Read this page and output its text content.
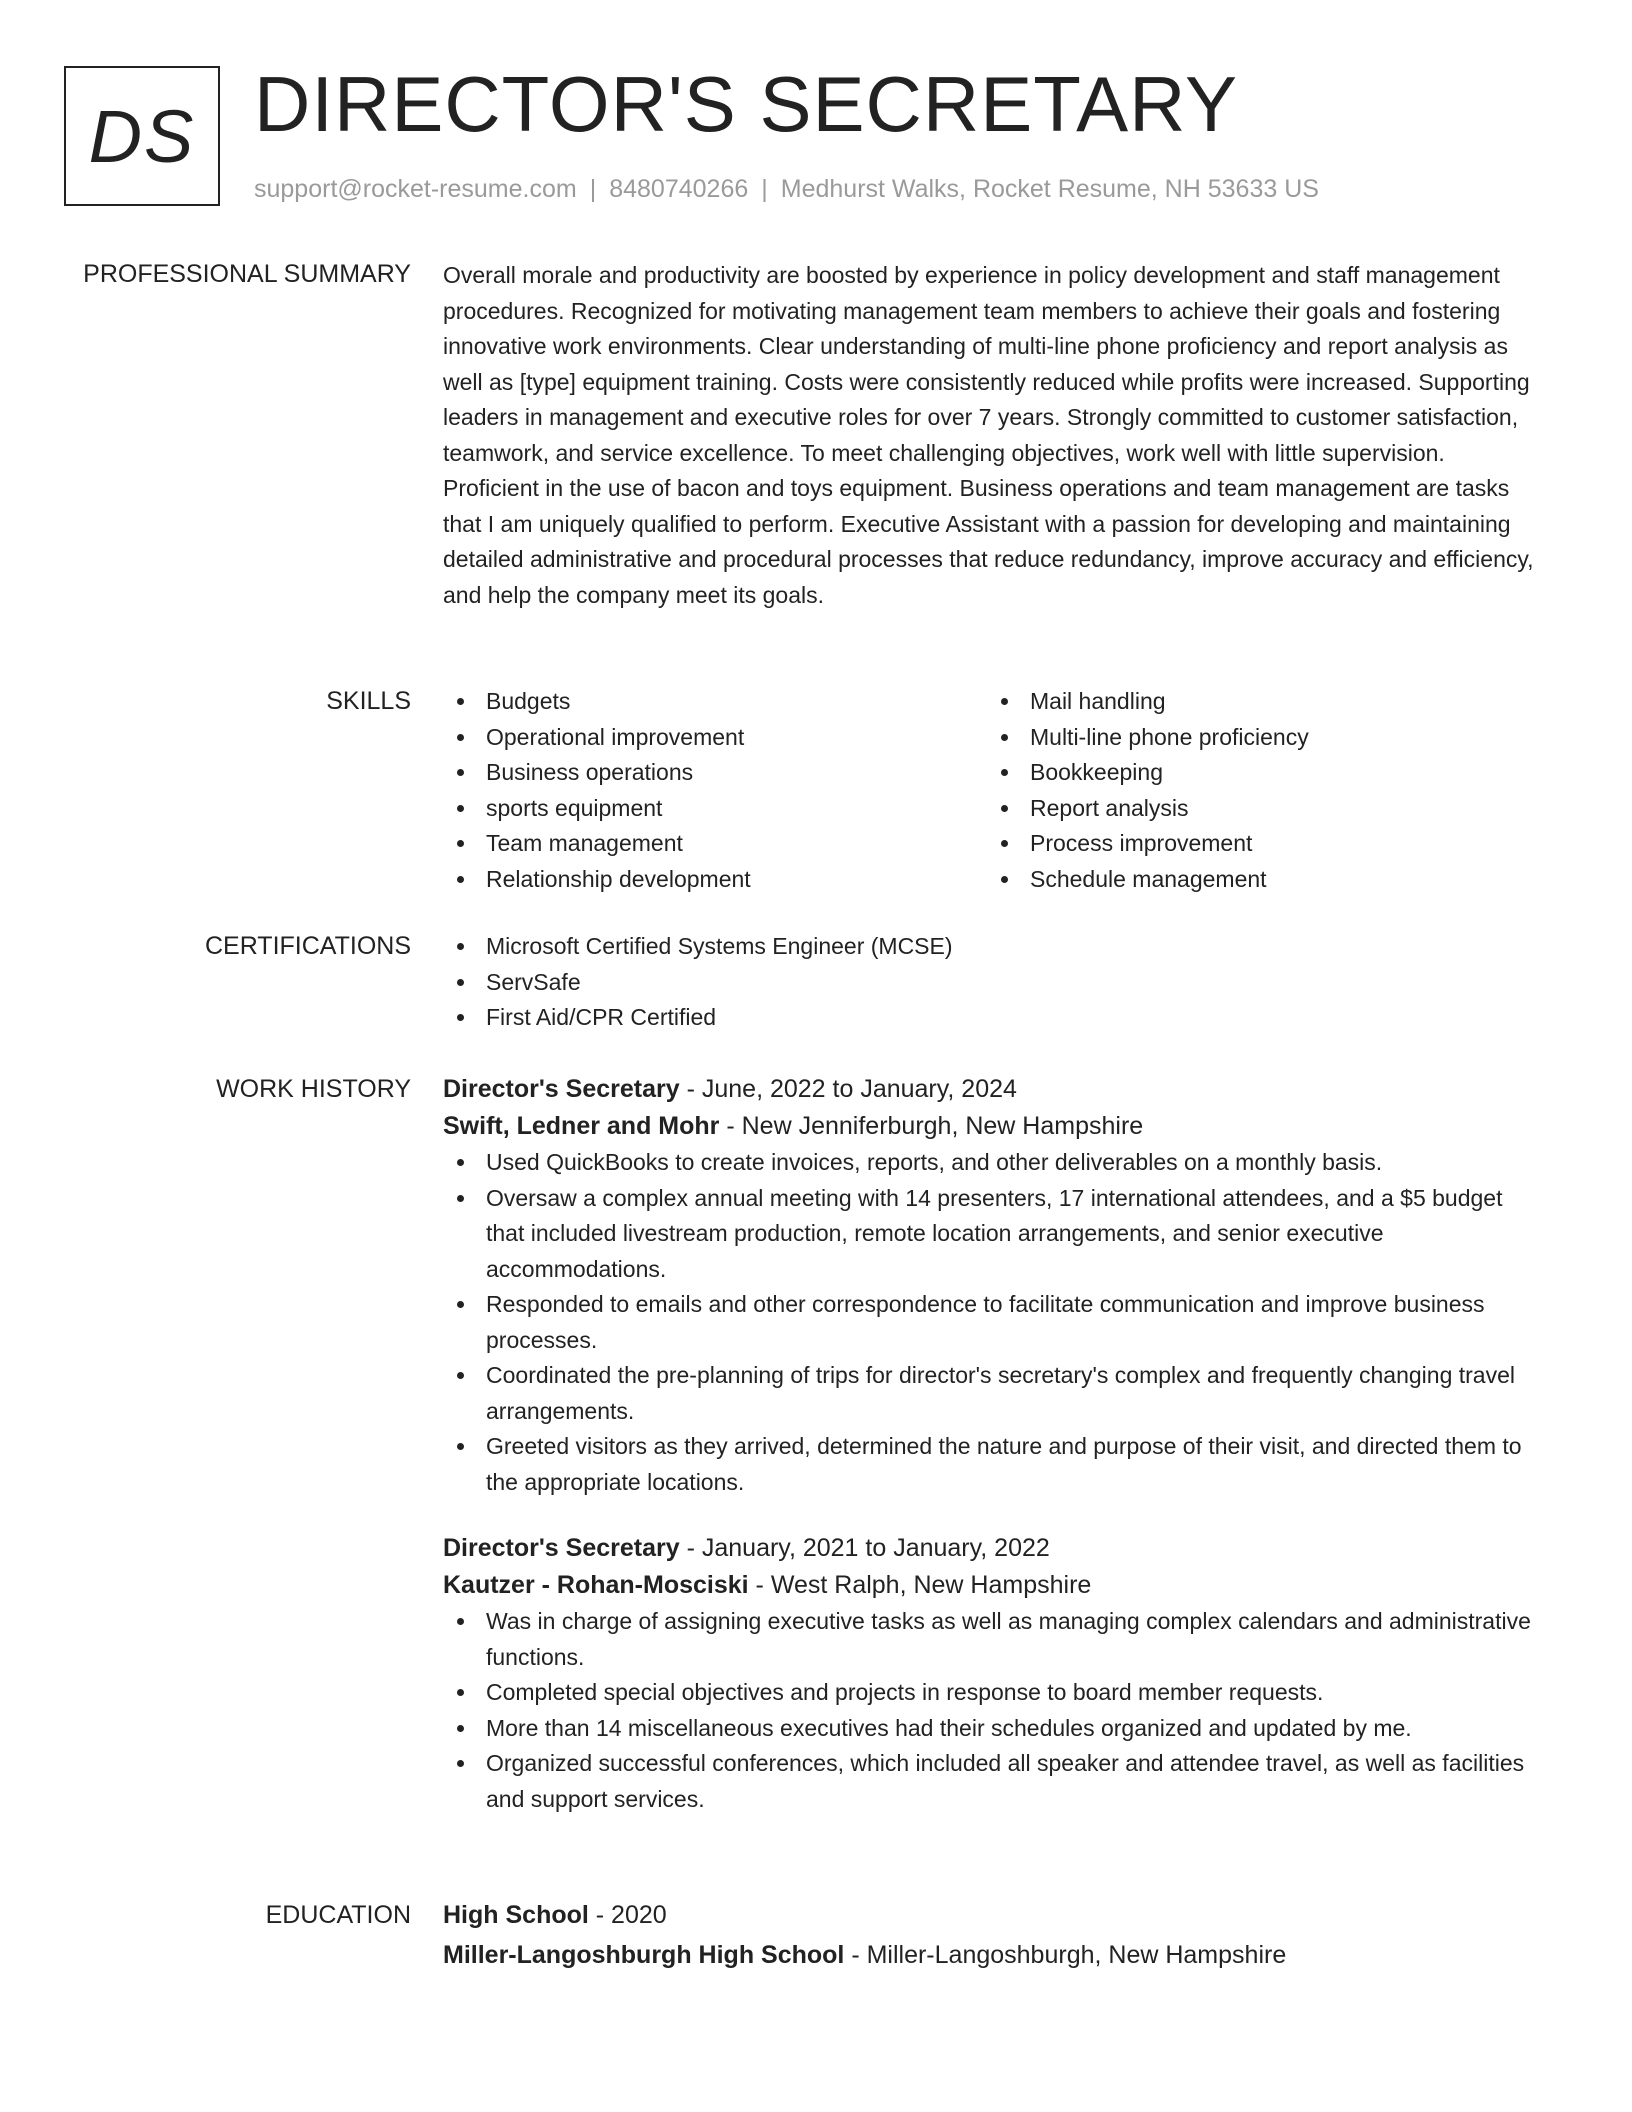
DS DIRECTOR'S SECRETARY
support@rocket-resume.com | 8480740266 | Medhurst Walks, Rocket Resume, NH 53633 US
PROFESSIONAL SUMMARY Overall morale and productivity are boosted by experience in policy development and staff management procedures. Recognized for motivating management team members to achieve their goals and fostering innovative work environments. Clear understanding of multi-line phone proficiency and report analysis as well as [type] equipment training. Costs were consistently reduced while profits were increased. Supporting leaders in management and executive roles for over 7 years. Strongly committed to customer satisfaction, teamwork, and service excellence. To meet challenging objectives, work well with little supervision. Proficient in the use of bacon and toys equipment. Business operations and team management are tasks that I am uniquely qualified to perform. Executive Assistant with a passion for developing and maintaining detailed administrative and procedural processes that reduce redundancy, improve accuracy and efficiency, and help the company meet its goals.

SKILLS	Budgets
Operational improvement
Business operations
sports equipment
Team management
Relationship development
Mail handling
Multi-line phone proficiency
Bookkeeping
Report analysis
Process improvement
Schedule management
CERTIFICATIONS	Microsoft Certified Systems Engineer (MCSE)
ServSafe
First Aid/CPR Certified
WORK HISTORY Director's Secretary - June, 2022 to January, 2024
Swift, Ledner and Mohr - New Jenniferburgh, New Hampshire
Used QuickBooks to create invoices, reports, and other deliverables on a monthly basis.
Oversaw a complex annual meeting with 14 presenters, 17 international attendees, and a $5 budget that included livestream production, remote location arrangements, and senior executive accommodations.
Responded to emails and other correspondence to facilitate communication and improve business processes.
Coordinated the pre-planning of trips for director's secretary's complex and frequently changing travel arrangements.
Greeted visitors as they arrived, determined the nature and purpose of their visit, and directed them to the appropriate locations.
Director's Secretary - January, 2021 to January, 2022
Kautzer - Rohan-Mosciski - West Ralph, New Hampshire
Was in charge of assigning executive tasks as well as managing complex calendars and administrative functions.
Completed special objectives and projects in response to board member requests.
More than 14 miscellaneous executives had their schedules organized and updated by me.
Organized successful conferences, which included all speaker and attendee travel, as well as facilities and support services.
EDUCATION High School - 2020
Miller-Langoshburgh High School - Miller-Langoshburgh, New Hampshire
